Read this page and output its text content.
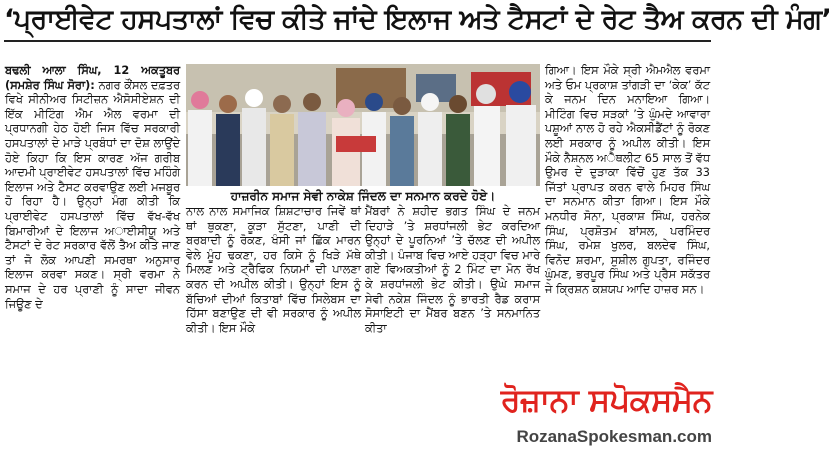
‘ਪ੍ਰਾਈਵੇਟ ਹਸਪਤਾਲਾਂ ਵਿਚ ਕੀਤੇ ਜਾਂਦੇ ਇਲਾਜ ਅਤੇ ਟੈਸਟਾਂ ਦੇ ਰੇਟ ਤੈਅ ਕਰਨ ਦੀ ਮੰਗ’

ਬਢਲੀ ਆਲਾ ਸਿੰਘ, 12 ਅਕਤੂਬਰ (ਸਮਸ਼ੇਰ ਸਿੰਘ ਸੋਰਾ): ਨਗਰ ਕੌਂਸਲ ਦਫ਼ਤਰ ਵਿਖੇ ਸੀਨੀਅਰ ਸਿਟੀਜ਼ਨ ਐਸੋਸੀਏਸ਼ਨ ਦੀ ਇੱਕ ਮੀਟਿੰਗ ਐਮ ਐਲ ਵਰਮਾ ਦੀ ਪ੍ਰਧਾਨਗੀ ਹੇਠ ਹੋਈ ਜਿਸ ਵਿੱਚ ਸਰਕਾਰੀ ਹਸਪਤਾਲਾਂ ਦੇ ਮਾੜੇ ਪ੍ਰਬੰਧਾਂ ਦਾ ਦੋਸ਼ ਲਾਉਂਦੇ ਹੋਏ ਕਿਹਾ ਕਿ ਇਸ ਕਾਰਣ ਅੱਜ ਗਰੀਬ ਆਦਮੀ ਪ੍ਰਾਈਵੇਟ ਹਸਪਤਾਲਾਂ ਵਿੱਚ ਮਹਿੰਗੇ ਇਲਾਜ ਅਤੇ ਟੈਸਟ ਕਰਵਾਉਣ ਲਈ ਮਜਬੂਰ ਹੋ ਰਿਹਾ ਹੈ। ਉਨ੍ਹਾਂ ਮੰਗ ਕੀਤੀ ਕਿ ਪ੍ਰਾਈਵੇਟ ਹਸਪਤਾਲਾਂ ਵਿੱਚ ਵੱਖ-ਵੱਖ ਬਿਮਾਰੀਆਂ ਦੇ ਇਲਾਜ ਅਾਈਸੀਯੂ ਅਤੇ ਟੈਸਟਾਂ ਦੇ ਰੇਟ ਸਰਕਾਰ ਵੱਲੋਂ ਤੈਅ ਕੀਤੇ ਜਾਣ ਤਾਂ ਜੋ ਲੋਕ ਆਪਣੀ ਸਮਰਥਾ ਅਨੁਸਾਰ ਇਲਾਜ ਕਰਵਾ ਸਕਣ। ਸ੍ਰੀ ਵਰਮਾ ਨੇ ਸਮਾਜ ਦੇ ਹਰ ਪ੍ਰਾਣੀ ਨੂੰ ਸਾਦਾ ਜੀਵਨ ਜਿਊਣ ਦੇ

ਹਾਜ਼ਰੀਨ ਸਮਾਜ ਸੇਵੀ ਨਾਕੇਸ਼ ਜਿੰਦਲ ਦਾ ਸਨਮਾਨ ਕਰਦੇ ਹੋਏ।

ਨਾਲ ਨਾਲ ਸਮਾਜਿਕ ਸ਼ਿਸ਼ਟਾਚਾਰ ਜਿਵੇਂ ਥਾਂ ਥਾਂ ਥੁਕਣਾ, ਕੂੜਾ ਸੁੱਟਣਾ, ਪਾਣੀ ਦੀ ਬਰਬਾਦੀ ਨੂੰ ਰੋਕਣ, ਖੰਸੀ ਜਾਂ ਛਿੱਕ ਮਾਰਨ ਵੇਲੇ ਮੂੰਹ ਢਕਣਾ, ਹਰ ਕਿਸੇ ਨੂੰ ਖਿੜੇ ਮੱਥੇ ਮਿਲਣ ਅਤੇ ਟ੍ਰੈਫਿਕ ਨਿਯਮਾਂ ਦੀ ਪਾਲਣਾ ਕਰਨ ਦੀ ਅਪੀਲ ਕੀਤੀ। ਉਨ੍ਹਾਂ ਇਸ ਨੂੰ ਬੱਚਿਆਂ ਦੀਆਂ ਕਿਤਾਬਾਂ ਵਿੱਚ ਸਿਲੇਬਸ ਦਾ ਹਿੱਸਾ ਬਣਾਉਣ ਦੀ ਵੀ ਸਰਕਾਰ ਨੂੰ ਅਪੀਲ ਕੀਤੀ। ਇਸ ਮੌਕੇ

ਮੈਂਬਰਾਂ ਨੇ ਸ਼ਹੀਦ ਭਗਤ ਸਿੰਘ ਦੇ ਜਨਮ ਦਿਹਾੜੇ ’ਤੇ ਸ਼ਰਧਾਂਜਲੀ ਭੇਟ ਕਰਦਿਆ ਉਨ੍ਹਾਂ ਦੇ ਪੂਰਨਿਆਂ ’ਤੇ ਚੱਲਣ ਦੀ ਅਪੀਲ ਕੀਤੀ। ਪੰਜਾਬ ਵਿਚ ਆਏ ਹੜ੍ਹਾ ਵਿਚ ਮਾਰੇ ਗਏ ਵਿਅਕਤੀਆਂ ਨੂੰ 2 ਮਿੰਟ ਦਾ ਮੋਨ ਰੱਖ ਕੇ ਸ਼ਰਧਾਂਜਲੀ ਭੇਟ ਕੀਤੀ। ਉਘੇ ਸਮਾਜ ਸੇਵੀ ਨਕੇਸ਼ ਜਿੰਦਲ ਨੂੰ ਭਾਰਤੀ ਰੈਡ ਕਰਾਸ ਸੋਸਾਇਟੀ ਦਾ ਮੈਂਬਰ ਬਣਨ ’ਤੇ ਸਨਮਾਨਿਤ ਕੀਤਾ

ਗਿਆ। ਇਸ ਮੌਕੇ ਸ੍ਰੀ ਐਮਐਲ ਵਰਮਾ ਅਤੇ ਓਮ ਪ੍ਰਕਾਸ਼ ਤਾਂਗੜੀ ਦਾ ‘ਕੇਕ’ ਕੱਟ ਕੇ ਜਨਮ ਦਿਨ ਮਨਾਇਆ ਗਿਆ। ਮੀਟਿੰਗ ਵਿਚ ਸੜਕਾਂ ’ਤੇ ਘੁੰਮਦੇ ਆਵਾਰਾ ਪਸ਼ੂਆਂ ਨਾਲ ਹੋ ਰਹੇ ਐਕਸੀਡੈਂਟਾਂ ਨੂੰ ਰੋਕਣ ਲਈ ਸਰਕਾਰ ਨੂੰ ਅਪੀਲ ਕੀਤੀ। ਇਸ ਮੌਕੇ ਨੈਸ਼ਨਲ ਅੈਥਲੀਟ 65 ਸਾਲ ਤੋਂ ਵੱਧ ਉਮਰ ਦੇ ਦੁੜਾਕਾ ਵਿੱਚੋਂ ਹੁਣ ਤੱਕ 33 ਜਿੱਤਾਂ ਪ੍ਰਾਪਤ ਕਰਨ ਵਾਲੇ ਮਿਹਰ ਸਿੰਘ ਦਾ ਸਨਮਾਨ ਕੀਤਾ ਗਿਆ। ਇਸ ਮੌਕੇ ਮਨਧੀਰ ਸੋਨਾ, ਪ੍ਰਕਾਸ਼ ਸਿੰਘ, ਹਰਨੇਕ ਸਿੰਘ, ਪ੍ਰਸ਼ੋਤਮ ਬਾਂਸਲ, ਪਰਮਿੰਦਰ ਸਿੰਘ, ਰਮੇਸ਼ ਖੁਲਰ, ਬਲਦੇਵ ਸਿੰਘ, ਵਿਨੋਦ ਸ਼ਰਮਾ, ਸੁਸ਼ੀਲ ਗੁਪਤਾ, ਰਜਿੰਦਰ ਘੁੰਮਣ, ਭਰਪੂਰ ਸਿੰਘ ਅਤੇ ਪ੍ਰੈਸ ਸਕੱਤਰ ਜੇ ਕ੍ਰਿਸ਼ਨ ਕਸ਼ਯਪ ਆਦਿ ਹਾਜ਼ਰ ਸਨ।

ਰੋਜ਼ਾਨਾ ਸਪੋਕਸਮੈਨ
RozanaSpokesman.com
